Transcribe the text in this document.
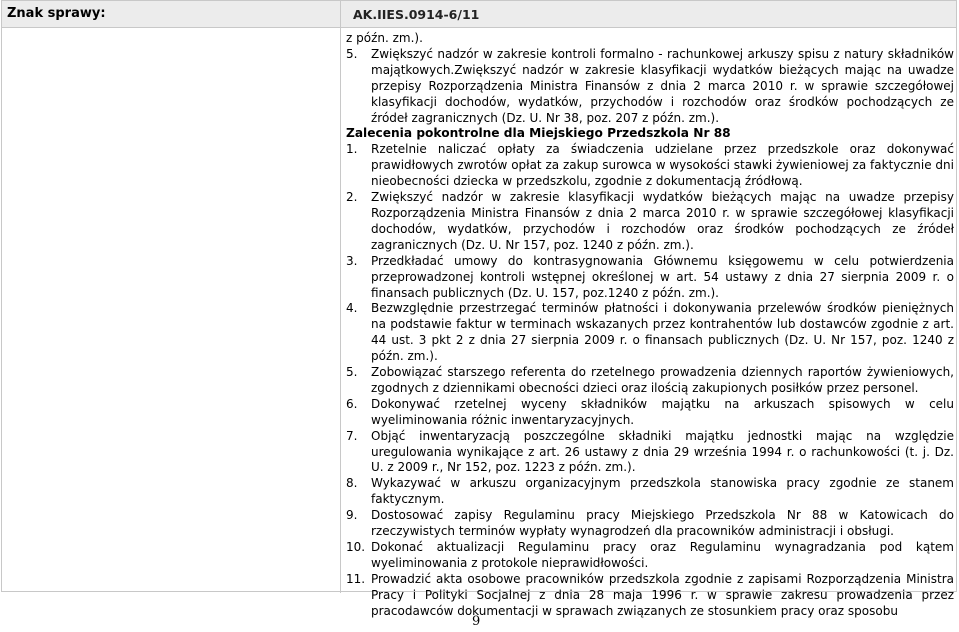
Znak sprawy:	AK.IIES.0914-6/11
z późn. zm.).
5. Zwiększyć nadzór w zakresie kontroli formalno - rachunkowej arkuszy spisu z natury składników majątkowych.Zwiększyć nadzór w zakresie klasyfikacji wydatków bieżących mając na uwadze przepisy Rozporządzenia Ministra Finansów z dnia 2 marca 2010 r. w sprawie szczegółowej klasyfikacji dochodów, wydatków, przychodów i rozchodów oraz środków pochodzących ze źródeł zagranicznych (Dz. U. Nr 38, poz. 207 z późn. zm.).
Zalecenia pokontrolne dla Miejskiego Przedszkola Nr 88
1. Rzetelnie naliczać opłaty za świadczenia udzielane przez przedszkole oraz dokonywać prawidłowych zwrotów opłat za zakup surowca w wysokości stawki żywieniowej za faktycznie dni nieobecności dziecka w przedszkolu, zgodnie z dokumentacją źródłową.
2. Zwiększyć nadzór w zakresie klasyfikacji wydatków bieżących mając na uwadze przepisy Rozporządzenia Ministra Finansów z dnia 2 marca 2010 r. w sprawie szczegółowej klasyfikacji dochodów, wydatków, przychodów i rozchodów oraz środków pochodzących ze źródeł zagranicznych (Dz. U. Nr 157, poz. 1240 z późn. zm.).
3. Przedkładać umowy do kontrasygnowania Głównemu księgowemu w celu potwierdzenia przeprowadzonej kontroli wstępnej określonej w art. 54 ustawy z dnia 27 sierpnia 2009 r. o finansach publicznych (Dz. U. 157, poz.1240 z późn. zm.).
4. Bezwzględnie przestrzegać terminów płatności i dokonywania przelewów środków pieniężnych na podstawie faktur w terminach wskazanych przez kontrahentów lub dostawców zgodnie z art. 44 ust. 3 pkt 2 z dnia 27 sierpnia 2009 r. o finansach publicznych (Dz. U. Nr 157, poz. 1240 z późn. zm.).
5. Zobowiązać starszego referenta do rzetelnego prowadzenia dziennych raportów żywieniowych, zgodnych z dziennikami obecności dzieci oraz ilością zakupionych posiłków przez personel.
6. Dokonywać rzetelnej wyceny składników majątku na arkuszach spisowych w celu wyeliminowania różnic inwentaryzacyjnych.
7. Objąć inwentaryzacją poszczególne składniki majątku jednostki mając na względzie uregulowania wynikające z art. 26 ustawy z dnia 29 września 1994 r. o rachunkowości (t. j. Dz. U. z 2009 r., Nr 152, poz. 1223 z późn. zm.).
8. Wykazywać w arkuszu organizacyjnym przedszkola stanowiska pracy zgodnie ze stanem faktycznym.
9. Dostosować zapisy Regulaminu pracy Miejskiego Przedszkola Nr 88 w Katowicach do rzeczywistych terminów wypłaty wynagrodzeń dla pracowników administracji i obsługi.
10. Dokonać aktualizacji Regulaminu pracy oraz Regulaminu wynagradzania pod kątem wyeliminowania z protokole nieprawidłowości.
11. Prowadzić akta osobowe pracowników przedszkola zgodnie z zapisami Rozporządzenia Ministra Pracy i Polityki Socjalnej z dnia 28 maja 1996 r. w sprawie zakresu prowadzenia przez pracodawców dokumentacji w sprawach związanych ze stosunkiem pracy oraz sposobu
9
